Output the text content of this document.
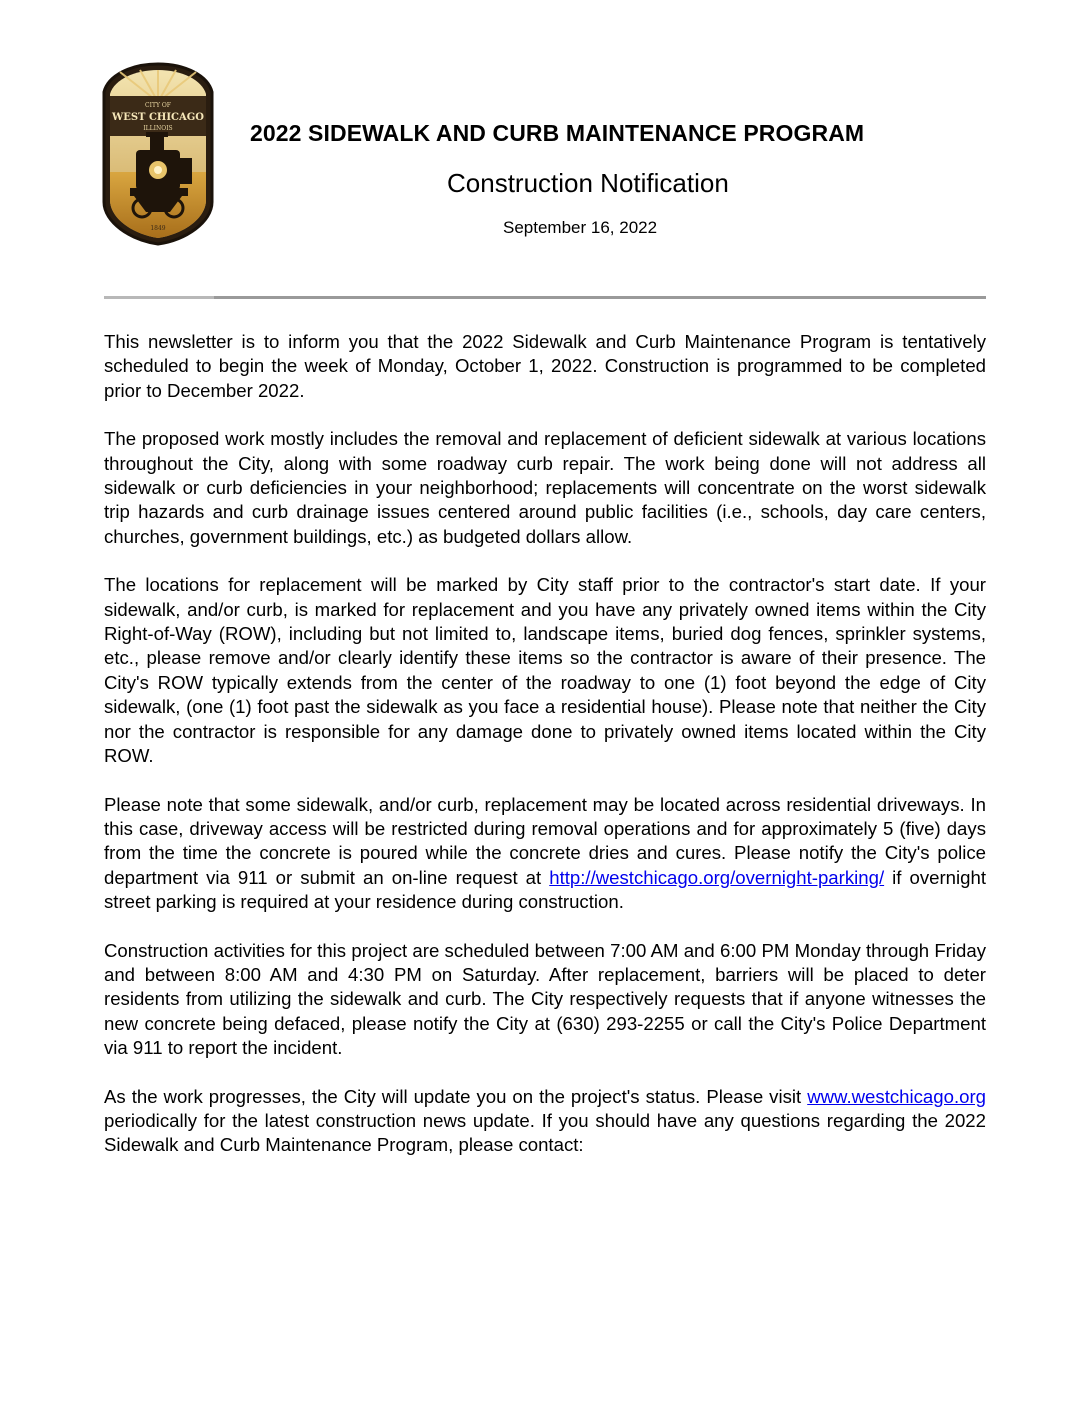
CITY OF
WEST CHICAGO
ILLINOIS
1849
2022 SIDEWALK AND CURB MAINTENANCE PROGRAM
Construction Notification
September 16, 2022

This newsletter is to inform you that the 2022 Sidewalk and Curb Maintenance Program is tentatively scheduled to begin the week of Monday, October 1, 2022. Construction is programmed to be completed prior to December 2022.

The proposed work mostly includes the removal and replacement of deficient sidewalk at various locations throughout the City, along with some roadway curb repair. The work being done will not address all sidewalk or curb deficiencies in your neighborhood; replacements will concentrate on the worst sidewalk trip hazards and curb drainage issues centered around public facilities (i.e., schools, day care centers, churches, government buildings, etc.) as budgeted dollars allow.

The locations for replacement will be marked by City staff prior to the contractor's start date. If your sidewalk, and/or curb, is marked for replacement and you have any privately owned items within the City Right-of-Way (ROW), including but not limited to, landscape items, buried dog fences, sprinkler systems, etc., please remove and/or clearly identify these items so the contractor is aware of their presence. The City's ROW typically extends from the center of the roadway to one (1) foot beyond the edge of City sidewalk, (one (1) foot past the sidewalk as you face a residential house). Please note that neither the City nor the contractor is responsible for any damage done to privately owned items located within the City ROW.

Please note that some sidewalk, and/or curb, replacement may be located across residential driveways. In this case, driveway access will be restricted during removal operations and for approximately 5 (five) days from the time the concrete is poured while the concrete dries and cures. Please notify the City's police department via 911 or submit an on-line request at http://westchicago.org/overnight-parking/ if overnight street parking is required at your residence during construction.

Construction activities for this project are scheduled between 7:00 AM and 6:00 PM Monday through Friday and between 8:00 AM and 4:30 PM on Saturday. After replacement, barriers will be placed to deter residents from utilizing the sidewalk and curb. The City respectively requests that if anyone witnesses the new concrete being defaced, please notify the City at (630) 293-2255 or call the City's Police Department via 911 to report the incident.

As the work progresses, the City will update you on the project's status. Please visit www.westchicago.org periodically for the latest construction news update. If you should have any questions regarding the 2022 Sidewalk and Curb Maintenance Program, please contact:
